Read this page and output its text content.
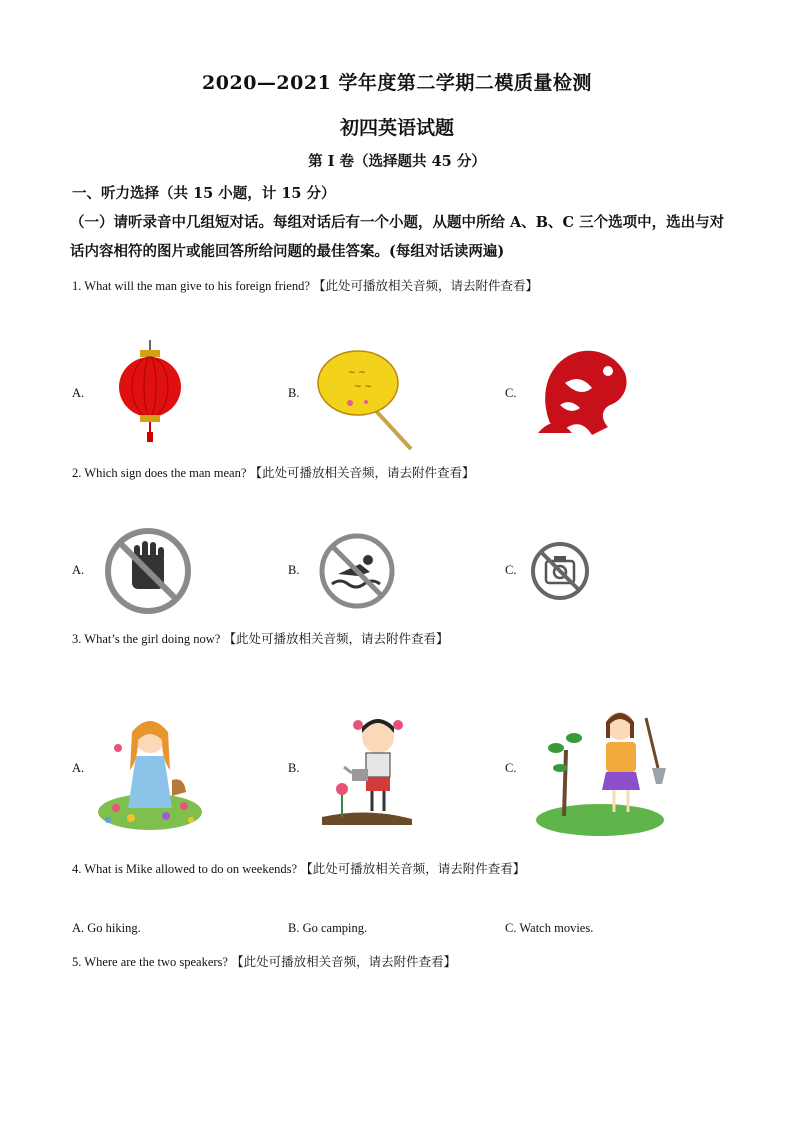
2020—2021 学年度第二学期二模质量检测
初四英语试题
第 I 卷（选择题共 45 分）
一、听力选择（共 15 小题，计 15 分）
（一）请听录音中几组短对话。每组对话后有一个小题，从题中所给 A、B、C 三个选项中，选出与对话内容相符的图片或能回答所给问题的最佳答案。(每组对话读两遍)
1. What will the man give to his foreign friend? 【此处可播放相关音频，请去附件查看】
A.	B.	C.
~ ~
~ ~
2. Which sign does the man mean? 【此处可播放相关音频，请去附件查看】
A.	B.	C.
3. What’s the girl doing now? 【此处可播放相关音频，请去附件查看】
A.	B.	C.
4. What is Mike allowed to do on weekends? 【此处可播放相关音频，请去附件查看】
A. Go hiking.	B. Go camping.	C. Watch movies.
5. Where are the two speakers? 【此处可播放相关音频，请去附件查看】
